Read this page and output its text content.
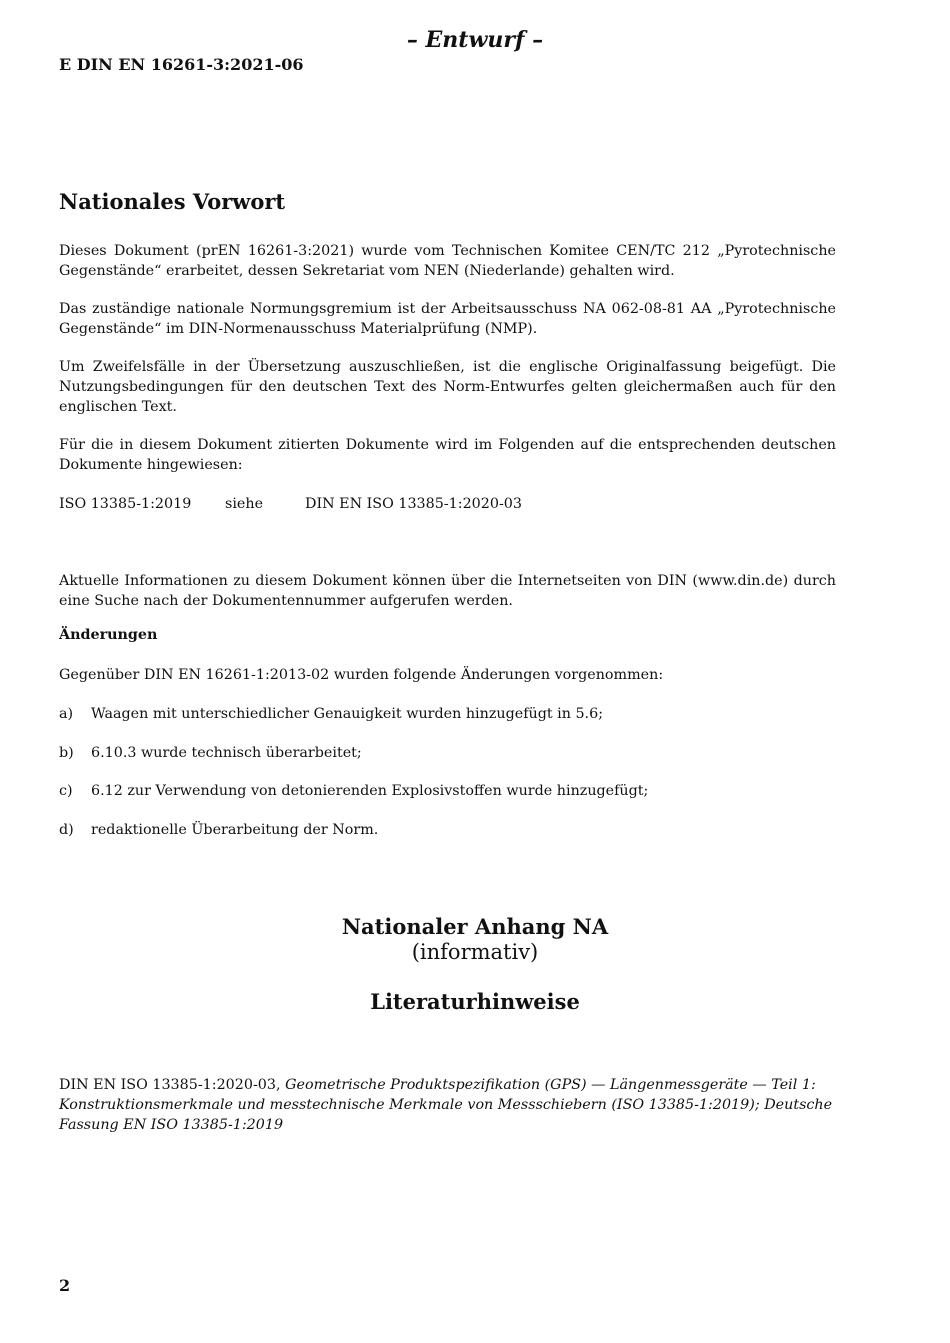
– Entwurf –
E DIN EN 16261-3:2021-06
Nationales Vorwort

Dieses Dokument (prEN 16261-3:2021) wurde vom Technischen Komitee CEN/TC 212 „Pyrotechnische Gegenstände“ erarbeitet, dessen Sekretariat vom NEN (Niederlande) gehalten wird.

Das zuständige nationale Normungsgremium ist der Arbeitsausschuss NA 062-08-81 AA „Pyrotechnische Gegenstände“ im DIN-Normenausschuss Materialprüfung (NMP).

Um Zweifelsfälle in der Übersetzung auszuschließen, ist die englische Originalfassung beigefügt. Die Nutzungsbedingungen für den deutschen Text des Norm-Entwurfes gelten gleichermaßen auch für den englischen Text.

Für die in diesem Dokument zitierten Dokumente wird im Folgenden auf die entsprechenden deutschen Dokumente hingewiesen:

ISO 13385-1:2019 siehe	DIN EN ISO 13385-1:2020-03

Aktuelle Informationen zu diesem Dokument können über die Internetseiten von DIN (www.din.de) durch eine Suche nach der Dokumentennummer aufgerufen werden.

Änderungen

Gegenüber DIN EN 16261-1:2013-02 wurden folgende Änderungen vorgenommen:

a) Waagen mit unterschiedlicher Genauigkeit wurden hinzugefügt in 5.6;
b) 6.10.3 wurde technisch überarbeitet;
c) 6.12 zur Verwendung von detonierenden Explosivstoffen wurde hinzugefügt;
d) redaktionelle Überarbeitung der Norm.
Nationaler Anhang NA
(informativ)
Literaturhinweise

DIN EN ISO 13385-1:2020-03, Geometrische Produktspezifikation (GPS) — Längenmessgeräte — Teil 1: Konstruktionsmerkmale und messtechnische Merkmale von Messschiebern (ISO 13385-1:2019); Deutsche Fassung EN ISO 13385-1:2019

2
